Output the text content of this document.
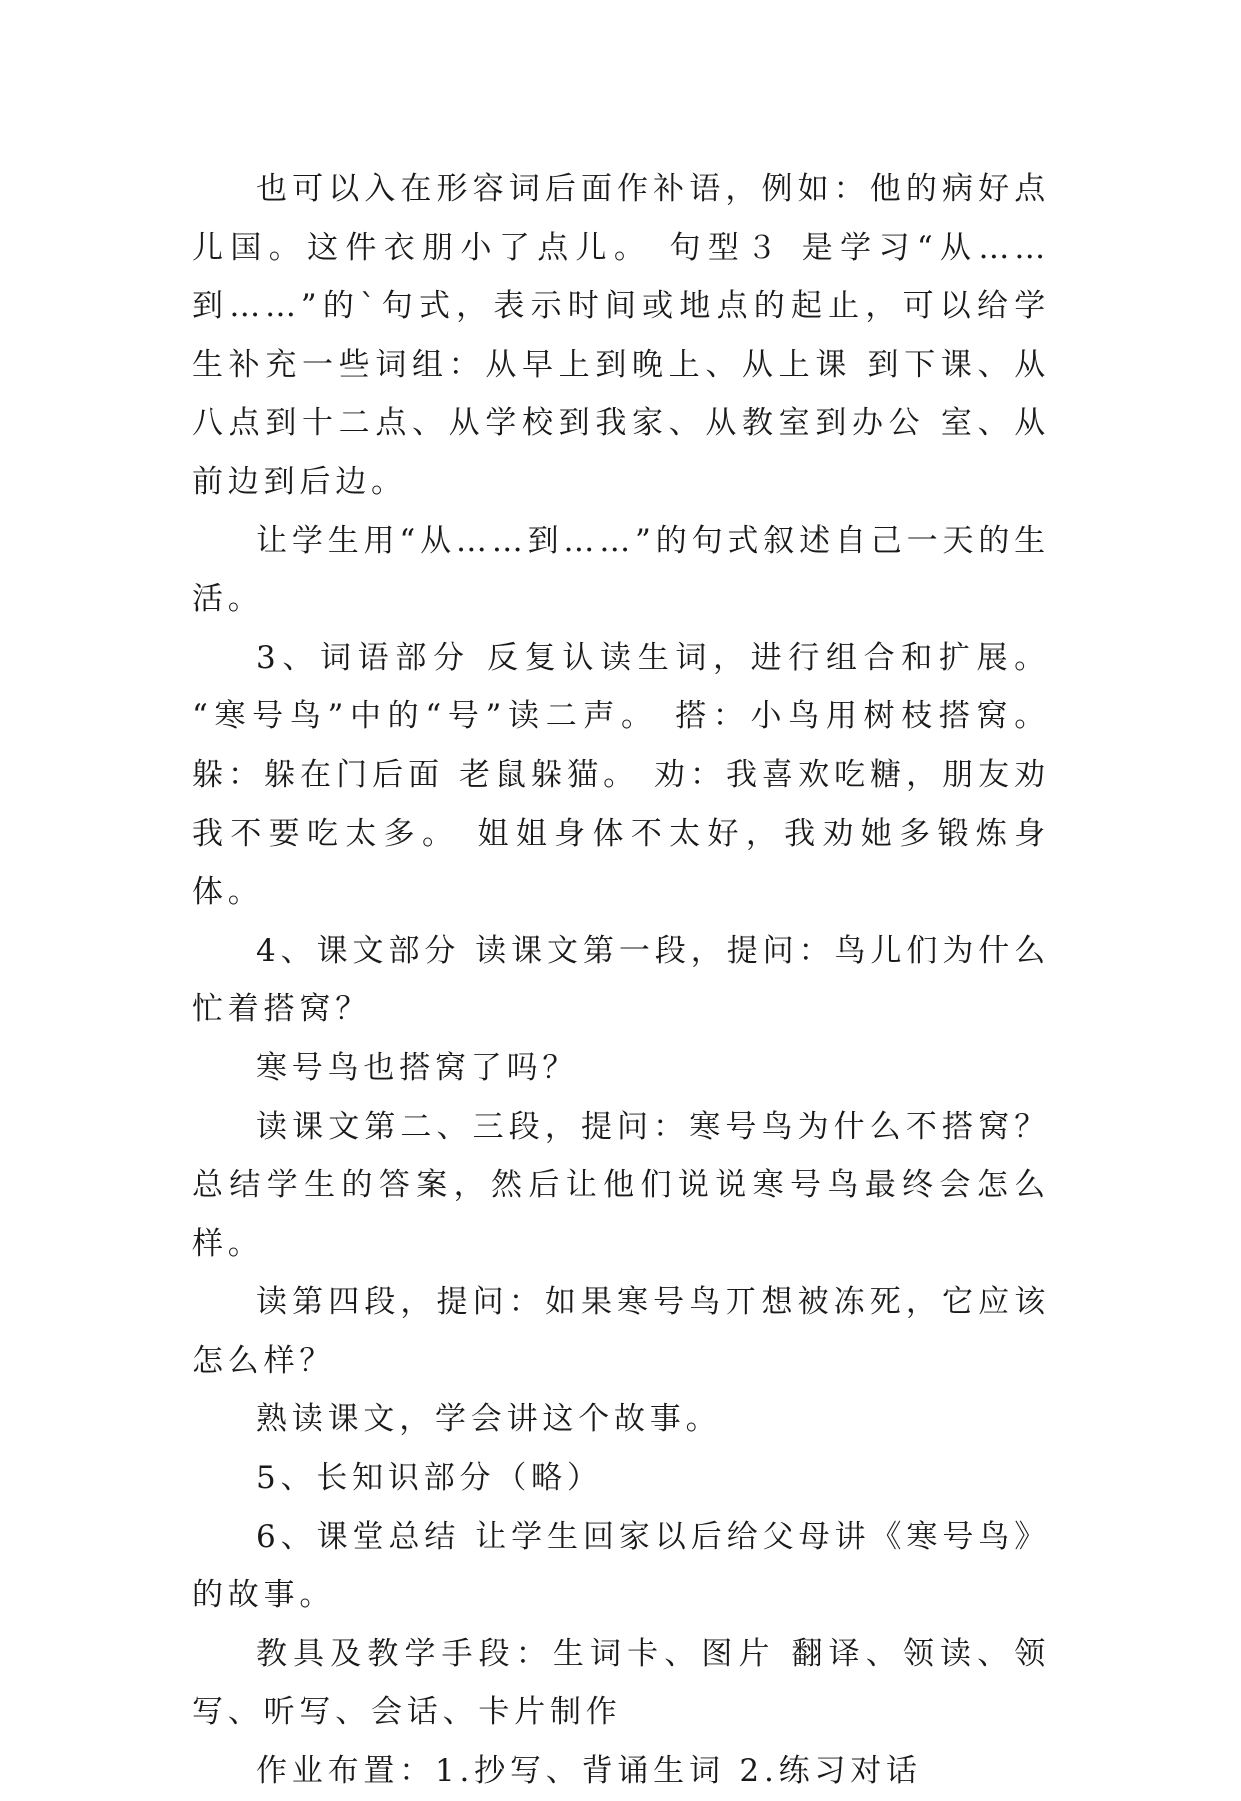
也可以入在形容词后面作补语，例如：他的病好点儿国。这件衣朋小了点儿。 句型３ 是学习“从……到……”的`句式，表示时间或地点的起止，可以给学生补充一些词组：从早上到晚上、从上课 到下课、从八点到十二点、从学校到我家、从教室到办公 室、从前边到后边。

让学生用“从……到……”的句式叙述自己一天的生活。

3、词语部分 反复认读生词，进行组合和扩展。 “寒号鸟”中的“号”读二声。 搭：小鸟用树枝搭窝。 躲：躲在门后面 老鼠躲猫。 劝：我喜欢吃糖，朋友劝我不要吃太多。 姐姐身体不太好，我劝她多锻炼身体。

4、课文部分 读课文第一段，提问：鸟儿们为什么忙着搭窝？

寒号鸟也搭窝了吗？

读课文第二、三段，提问：寒号鸟为什么不搭窝？ 总结学生的答案，然后让他们说说寒号鸟最终会怎么样。

读第四段，提问：如果寒号鸟丌想被冻死，它应该怎么样？

熟读课文，学会讲这个故事。

5、长知识部分（略）

6、课堂总结 让学生回家以后给父母讲《寒号鸟》的故事。

教具及教学手段：生词卡、图片 翻译、领读、领写、听写、会话、卡片制作

作业布置：1.抄写、背诵生词 2.练习对话
